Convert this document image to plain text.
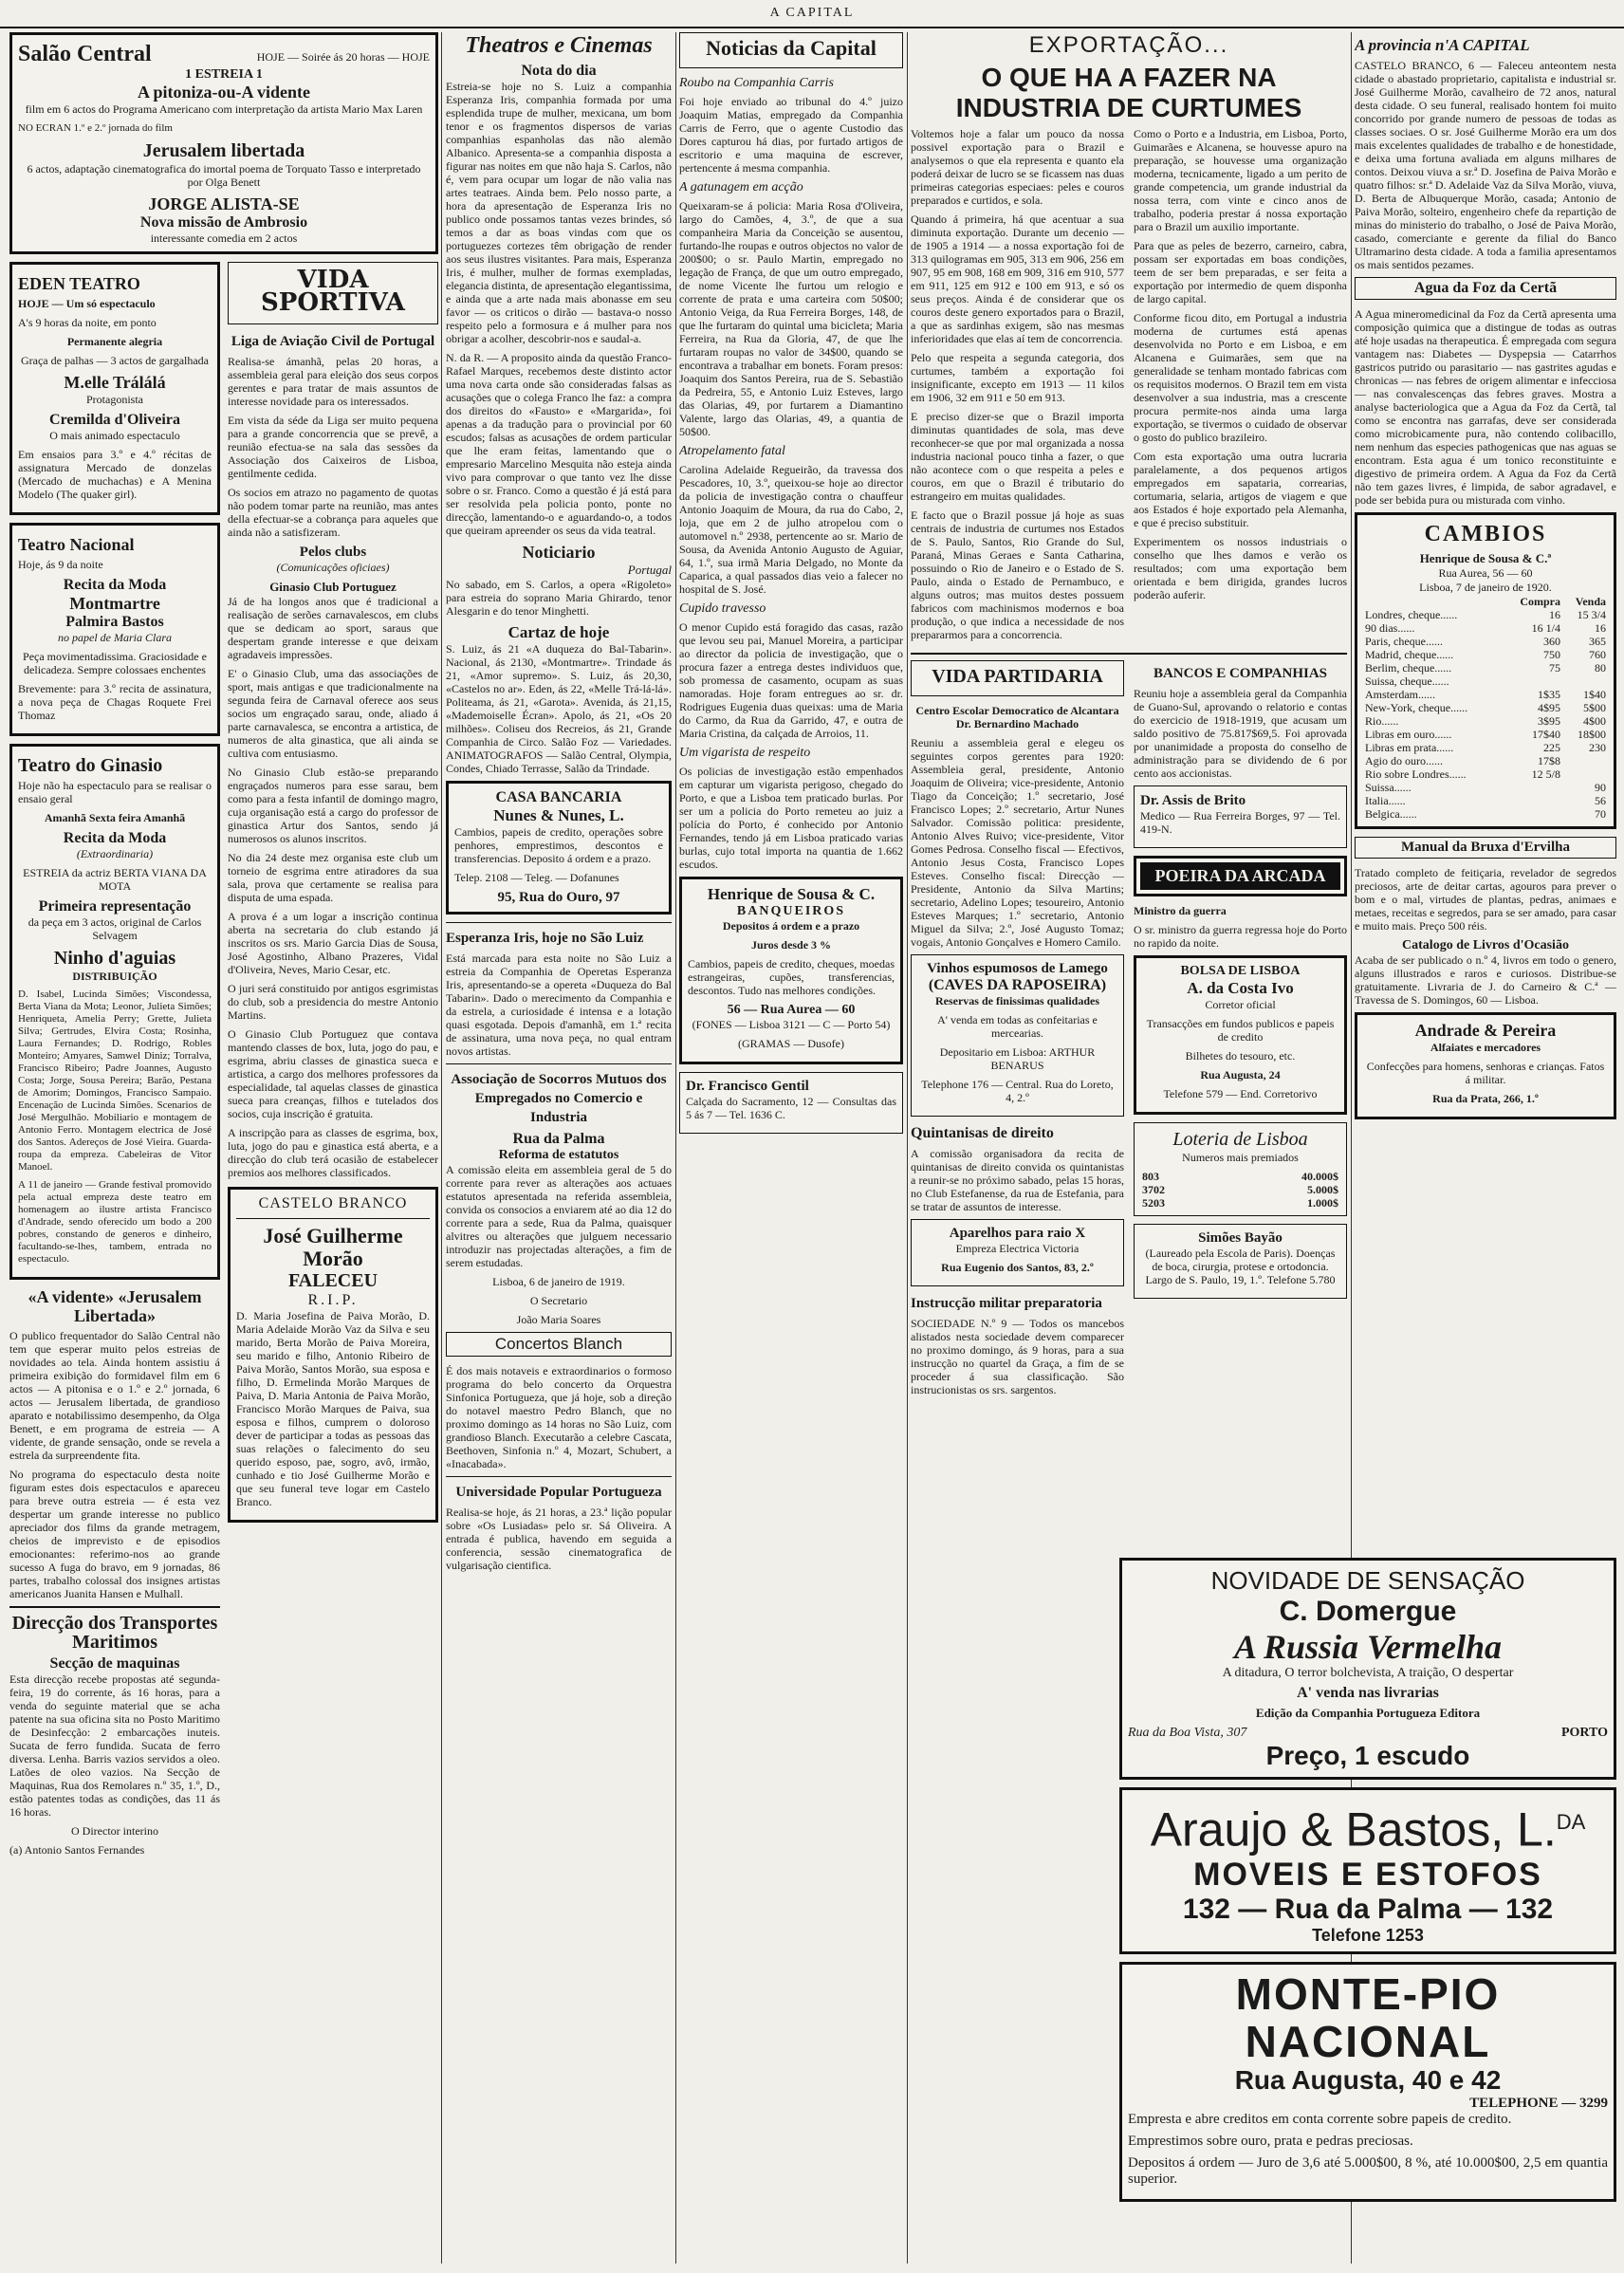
A CAPITAL
Salão Central	HOJE — Soirée ás 20 horas — HOJE
1 ESTREIA 1
A pitoniza-ou-A vidente

film em 6 actos do Programa Americano com interpretação da artista Mario Max Laren

NO ECRAN 1.º e 2.º jornada do film

Jerusalem libertada

6 actos, adaptação cinematografica do imortal poema de Torquato Tasso e interpretado por Olga Benett

JORGE ALISTA-SE
Nova missão de Ambrosio
interessante comedia em 2 actos
EDEN TEATRO

HOJE — Um só espectaculo

A's 9 horas da noite, em ponto

Permanente alegria

Graça de palhas — 3 actos de gargalhada

M.elle Trálálá

Protagonista

Cremilda d'Oliveira

O mais animado espectaculo

Em ensaios para 3.º e 4.º récitas de assignatura Mercado de donzelas (Mercado de muchachas) e A Menina Modelo (The quaker girl).

Teatro Nacional

Hoje, ás 9 da noite

Recita da Moda
Montmartre
Palmira Bastos

no papel de Maria Clara

Peça movimentadissima. Graciosidade e delicadeza. Sempre colossaes enchentes

Brevemente: para 3.º recita de assinatura, a nova peça de Chagas Roquete Frei Thomaz

Teatro do Ginasio

Hoje não ha espectaculo para se realisar o ensaio geral

Amanhã Sexta feira Amanhã

Recita da Moda

(Extraordinaria)

ESTREIA da actriz BERTA VIANA DA MOTA

Primeira representação

da peça em 3 actos, original de Carlos Selvagem

Ninho d'aguias

DISTRIBUIÇÃO

D. Isabel, Lucinda Simões; Viscondessa, Berta Viana da Mota; Leonor, Julieta Simões; Henriqueta, Amelia Perry; Grette, Julieta Silva; Gertrudes, Elvira Costa; Rosinha, Laura Fernandes; D. Rodrigo, Robles Monteiro; Amyares, Samwel Diniz; Torralva, Francisco Ribeiro; Padre Joannes, Augusto Costa; Jorge, Sousa Pereira; Barão, Pestana de Amorim; Domingos, Francisco Sampaio. Encenação de Lucinda Simões. Scenarios de José Mergulhão. Mobiliario e montagem de Antonio Ferro. Montagem electrica de José dos Santos. Adereços de José Vieira. Guarda-roupa da empreza. Cabeleiras de Vitor Manoel.

A 11 de janeiro — Grande festival promovido pela actual empreza deste teatro em homenagem ao ilustre artista Francisco d'Andrade, sendo oferecido um bodo a 200 pobres, constando de generos e dinheiro, facultando-se-lhes, tambem, entrada no espectaculo.

«A vidente» «Jerusalem Libertada»

O publico frequentador do Salão Central não tem que esperar muito pelos estreias de novidades ao tela. Ainda hontem assistiu á primeira exibição do formidavel film em 6 actos — A pitonisa e o 1.º e 2.º jornada, 6 actos — Jerusalem libertada, de grandioso aparato e notabilissimo desempenho, da Olga Benett, e em programa de estreia — A vidente, de grande sensação, onde se revela a estrela da surpreendente fita.

No programa do espectaculo desta noite figuram estes dois espectaculos e apareceu para breve outra estreia — é esta vez despertar um grande interesse no publico apreciador dos films da grande metragem, cheios de imprevisto e de episodios emocionantes: referimo-nos ao grande sucesso A fuga do bravo, em 9 jornadas, 86 partes, trabalho colossal dos insignes artistas americanos Juanita Hansen e Mulhall.

Direcção dos Transportes Maritimos
Secção de maquinas

Esta direcção recebe propostas até segunda-feira, 19 do corrente, ás 16 horas, para a venda do seguinte material que se acha patente na sua oficina sita no Posto Maritimo de Desinfecção: 2 embarcações inuteis. Sucata de ferro fundida. Sucata de ferro diversa. Lenha. Barris vazios servidos a oleo. Latões de oleo vazios. Na Secção de Maquinas, Rua dos Remolares n.º 35, 1.º, D., estão patentes todas as condições, das 11 ás 16 horas.

O Director interino

(a) Antonio Santos Fernandes

VIDA SPORTIVA
Liga de Aviação Civil de Portugal

Realisa-se ámanhã, pelas 20 horas, a assembleia geral para eleição dos seus corpos gerentes e para tratar de mais assuntos de interesse novidade para os interessados.

Em vista da séde da Liga ser muito pequena para a grande concorrencia que se prevê, a reunião efectua-se na sala das sessões da Associação dos Caixeiros de Lisboa, gentilmente cedida.

Os socios em atrazo no pagamento de quotas não podem tomar parte na reunião, mas antes della efectuar-se a cobrança para aqueles que ainda não a satisfizeram.

Pelos clubs

(Comunicações oficiaes)

Ginasio Club Portuguez

Já de ha longos anos que é tradicional a realisação de serões carnavalescos, em clubs que se dedicam ao sport, saraus que despertam grande interesse e que deixam agradaveis impressões.

E' o Ginasio Club, uma das associações de sport, mais antigas e que tradicionalmente na segunda feira de Carnaval oferece aos seus socios um engraçado sarau, onde, aliado á parte carnavalesca, se encontra a artistica, de numeros de alta ginastica, que ali ainda se cultiva com entusiasmo.

No Ginasio Club estão-se preparando engraçados numeros para esse sarau, bem como para a festa infantil de domingo magro, cuja organisação está a cargo do professor de ginastica Artur dos Santos, sendo já numerosos os alunos inscritos.

No dia 24 deste mez organisa este club um torneio de esgrima entre atiradores da sua sala, prova que certamente se realisa para disputa de uma espada.

A prova é a um logar a inscrição continua aberta na secretaria do club estando já inscritos os srs. Mario Garcia Dias de Sousa, José Agostinho, Albano Prazeres, Vidal d'Oliveira, Neves, Mario Cesar, etc.

O juri será constituido por antigos esgrimistas do club, sob a presidencia do mestre Antonio Martins.

O Ginasio Club Portuguez que contava mantendo classes de box, luta, jogo do pau, e esgrima, abriu classes de ginastica sueca e artistica, a cargo dos melhores professores da especialidade, tal aquelas classes de ginastica sueca para creanças, filhos e tutelados dos socios, cuja inscrição é gratuita.

A inscripção para as classes de esgrima, box, luta, jogo do pau e ginastica está aberta, e a direcção do club terá ocasião de estabelecer premios aos melhores classificados.

CASTELO BRANCO
José Guilherme Morão
FALECEU
R.I.P.

D. Maria Josefina de Paiva Morão, D. Maria Adelaide Morão Vaz da Silva e seu marido, Berta Morão de Paiva Moreira, seu marido e filho, Antonio Ribeiro de Paiva Morão, Santos Morão, sua esposa e filho, D. Ermelinda Morão Marques de Paiva, D. Maria Antonia de Paiva Morão, Francisco Morão Marques de Paiva, sua esposa e filhos, cumprem o doloroso dever de participar a todas as pessoas das suas relações o falecimento do seu querido esposo, pae, sogro, avô, irmão, cunhado e tio José Guilherme Morão e que seu funeral teve logar em Castelo Branco.

Theatros e Cinemas
Nota do dia

Estreia-se hoje no S. Luiz a companhia Esperanza Iris, companhia formada por uma esplendida trupe de mulher, mexicana, um bom tenor e os fragmentos dispersos de varias companhias espanholas das não alemão Albanico. Apresenta-se a companhia disposta a figurar nas noites em que não haja S. Carlos, não é, vem para ocupar um logar de não valia nas artes teatraes. Ainda bem. Pelo nosso parte, a hora da apresentação de Esperanza Iris no publico onde possamos tantas vezes brindes, só temos a dar as boas vindas com que os portuguezes cortezes têm obrigação de render aos seus ilustres visitantes. Para mais, Esperanza Iris, é mulher, mulher de formas exempladas, elegancia distinta, de apresentação elegantissima, e ainda que a arte nada mais abonasse em seu favor — os criticos o dirão — bastava-o nosso respeito pelo a formosura e á mulher para nos obrigar a acolher, descobrir-nos e saudal-a.

N. da R. — A proposito ainda da questão Franco-Rafael Marques, recebemos deste distinto actor uma nova carta onde são consideradas falsas as acusações que o colega Franco lhe faz: a compra dos direitos do «Fausto» e «Margarida», foi apenas a da tradução para o provincial por 60 escudos; falsas as acusações de ordem particular que lhe eram feitas, lamentando que o empresario Marcelino Mesquita não esteja ainda vivo para comprovar o que tanto vez lhe disse sobre o sr. Franco. Como a questão é já está para ser resolvida pela policia ponto, ponte no direcção, lamentando-o e aguardando-o, a todos que queiram apreender os seus da vida teatral.

Noticiario
Portugal

No sabado, em S. Carlos, a opera «Rigoleto» para estreia do soprano Maria Ghirardo, tenor Alesgarin e do tenor Minghetti.

Cartaz de hoje

S. Luiz, ás 21 «A duqueza do Bal-Tabarin». Nacional, ás 2130, «Montmartre». Trindade ás 21, «Amor supremo». S. Luiz, ás 20,30, «Castelos no ar». Eden, ás 22, «Melle Trá-lá-lá». Politeama, ás 21, «Garota». Avenida, ás 21,15, «Mademoiselle Écran». Apolo, ás 21, «Os 20 milhões». Coliseu dos Recreios, ás 21, Grande Companhia de Circo. Salão Foz — Variedades. ANIMATOGRAFOS — Salão Central, Olympia, Condes, Chiado Terrasse, Salão da Trindade.

CASA BANCARIA
Nunes & Nunes, L.

Cambios, papeis de credito, operações sobre penhores, emprestimos, descontos e transferencias. Deposito á ordem e a prazo.

Telep. 2108 — Teleg. — Dofanunes

95, Rua do Ouro, 97
Esperanza Iris, hoje no São Luiz

Está marcada para esta noite no São Luiz a estreia da Companhia de Operetas Esperanza Iris, apresentando-se a opereta «Duqueza do Bal Tabarin». Dado o merecimento da Companhia e da estrela, a curiosidade é intensa e a lotação quasi esgotada. Depois d'amanhã, em 1.ª recita de assinatura, uma nova peça, no qual entram novos artistas.

Associação de Socorros Mutuos dos Empregados no Comercio e Industria
Rua da Palma
Reforma de estatutos

A comissão eleita em assembleia geral de 5 do corrente para rever as alterações aos actuaes estatutos apresentada na referida assembleia, convida os consocios a enviarem até ao dia 12 do corrente para a sede, Rua da Palma, quaisquer alvitres ou alterações que julguem necessario introduzir nas projectadas alterações, a fim de serem estudadas.

Lisboa, 6 de janeiro de 1919.

O Secretario

João Maria Soares

Concertos Blanch

É dos mais notaveis e extraordinarios o formoso programa do belo concerto da Orquestra Sinfonica Portugueza, que já hoje, sob a direção do notavel maestro Pedro Blanch, que no proximo domingo as 14 horas no São Luiz, com grandioso Blanch. Executarão a celebre Cascata, Beethoven, Sinfonia n.º 4, Mozart, Schubert, a «Inacabada».

Universidade Popular Portugueza

Realisa-se hoje, ás 21 horas, a 23.ª lição popular sobre «Os Lusiadas» pelo sr. Sá Oliveira. A entrada é publica, havendo em seguida a conferencia, sessão cinematografica de vulgarisação cientifica.

Noticias da Capital
Roubo na Companhia Carris

Foi hoje enviado ao tribunal do 4.º juizo Joaquim Matias, empregado da Companhia Carris de Ferro, que o agente Custodio das Dores capturou há dias, por furtado artigos de escritorio e uma maquina de escrever, pertencente á mesma companhia.

A gatunagem em acção

Queixaram-se á policia: Maria Rosa d'Oliveira, largo do Camões, 4, 3.º, de que a sua companheira Maria da Conceição se ausentou, furtando-lhe roupas e outros objectos no valor de 200$00; o sr. Paulo Martin, empregado no legação de França, de que um outro empregado, de nome Vicente lhe furtou um relogio e corrente de prata e uma carteira com 50$00; Antonio Veiga, da Rua Ferreira Borges, 148, de que lhe furtaram do quintal uma bicicleta; Maria Ferreira, na Rua da Gloria, 47, de que lhe furtaram roupas no valor de 34$00, quando se encontrava a trabalhar em bonets. Foram presos: Joaquim dos Santos Pereira, rua de S. Sebastião da Pedreira, 55, e Antonio Luiz Esteves, largo das Olarias, 49, por furtarem a Diamantino Valente, largo das Olarias, 49, a quantia de 50$00.

Atropelamento fatal

Carolina Adelaide Regueirão, da travessa dos Pescadores, 10, 3.º, queixou-se hoje ao director da policia de investigação contra o chauffeur Antonio Joaquim de Moura, da rua do Cabo, 2, loja, que em 2 de julho atropelou com o automovel n.º 2938, pertencente ao sr. Mario de Sousa, da Avenida Antonio Augusto de Aguiar, 64, 1.º, sua irmã Maria Delgado, no Monte da Caparica, a qual passados dias veio a falecer no hospital de S. José.

Cupido travesso

O menor Cupido está foragido das casas, razão que levou seu pai, Manuel Moreira, a participar ao director da policia de investigação, que o procura fazer a entrega destes individuos que, sob promessa de casamento, ocupam as suas namoradas. Hoje foram entregues ao sr. dr. Rodrigues Eugenia duas queixas: uma de Maria do Carmo, da Rua da Garrido, 47, e outra de Maria Cristina, da calçada de Arroios, 11.

Um vigarista de respeito

Os policias de investigação estão empenhados em capturar um vigarista perigoso, chegado do Porto, e que a Lisboa tem praticado burlas. Por ser um a policia do Porto remeteu ao juiz a polícia do Porto, é conhecido por Antonio Fernandes, tendo já em Lisboa praticado varias burlas, cujo total importa na quantia de 1.662 escudos.

Henrique de Sousa & C.
BANQUEIROS

Depositos á ordem e a prazo

Juros desde 3 %

Cambios, papeis de credito, cheques, moedas estrangeiras, cupões, transferencias, descontos. Tudo nas melhores condições.

56 — Rua Aurea — 60

(FONES — Lisboa 3121 — C — Porto 54)

(GRAMAS — Dusofe)

Dr. Francisco Gentil

Calçada do Sacramento, 12 — Consultas das 5 ás 7 — Tel. 1636 C.

EXPORTAÇÃO...
O QUE HA A FAZER NA INDUSTRIA DE CURTUMES

Voltemos hoje a falar um pouco da nossa possivel exportação para o Brazil e analysemos o que ela representa e quanto ela poderá deixar de lucro se se ficassem nas duas primeiras categorias especiaes: peles e couros preparados e curtidos, e sola.

Quando á primeira, há que acentuar a sua diminuta exportação. Durante um decenio — de 1905 a 1914 — a nossa exportação foi de 313 quilogramas em 905, 313 em 906, 256 em 907, 95 em 908, 168 em 909, 316 em 910, 577 em 911, 125 em 912 e 100 em 913, e só os seus preços. Ainda é de considerar que os couros deste genero exportados para o Brazil, a que as sardinhas exigem, são nas mesmas inferioridades que elas aí tem de concorrencia.

Pelo que respeita a segunda categoria, dos curtumes, também a exportação foi insignificante, excepto em 1913 — 11 kilos em 1906, 32 em 911 e 50 em 913.

E preciso dizer-se que o Brazil importa diminutas quantidades de sola, mas deve reconhecer-se que por mal organizada a nossa industria nacional pouco tinha a fazer, o que não acontece com o que respeita a peles e couros, em que o Brazil é tributario do estrangeiro em muitas qualidades.

E facto que o Brazil possue já hoje as suas centrais de industria de curtumes nos Estados de S. Paulo, Santos, Rio Grande do Sul, Paraná, Minas Geraes e Santa Catharina, possuindo o Rio de Janeiro e o Estado de S. Paulo, ainda o Estado de Pernambuco, e alguns outros; mas muitos destes possuem fabricos com machinismos modernos e boa produção, o que indica a necessidade de nos prepararmos para a concorrencia.

Como o Porto e a Industria, em Lisboa, Porto, Guimarães e Alcanena, se houvesse apuro na preparação, se houvesse uma organização moderna, tecnicamente, ligado a um perito de grande competencia, um grande industrial da nossa terra, com vinte e cinco anos de trabalho, poderia prestar á nossa exportação para o Brazil um auxilio importante.

Para que as peles de bezerro, carneiro, cabra, possam ser exportadas em boas condições, teem de ser bem preparadas, e ser feita a exportação por intermedio de quem disponha de largo capital.

Conforme ficou dito, em Portugal a industria moderna de curtumes está apenas desenvolvida no Porto e em Lisboa, e em Alcanena e Guimarães, sem que na generalidade se tenham montado fabricas com os requisitos modernos. O Brazil tem em vista desenvolver a sua industria, mas a crescente procura permite-nos ainda uma larga exportação, se tivermos o cuidado de observar o gosto do publico brazileiro.

Com esta exportação uma outra lucraria paralelamente, a dos pequenos artigos empregados em sapataria, correarias, cortumaria, selaria, artigos de viagem e que aos Estados é hoje exportado pela Alemanha, e que é preciso substituir.

Experimentem os nossos industriais o conselho que lhes damos e verão os resultados; com uma exportação bem orientada e bem dirigida, grandes lucros poderão auferir.

VIDA PARTIDARIA

Centro Escolar Democratico de Alcantara Dr. Bernardino Machado

Reuniu a assembleia geral e elegeu os seguintes corpos gerentes para 1920: Assembleia geral, presidente, Antonio Joaquim de Oliveira; vice-presidente, Antonio Tiago da Conceição; 1.º secretario, José Francisco Lopes; 2.º secretario, Artur Nunes Salvador. Comissão politica: presidente, Antonio Alves Ruivo; vice-presidente, Vitor Gomes Pedrosa. Conselho fiscal — Efectivos, Antonio Jesus Costa, Francisco Lopes Esteves. Conselho fiscal: Direcção — Presidente, Antonio da Silva Martins; secretario, Adelino Lopes; tesoureiro, Antonio Esteves Marques; 1.º secretario, Antonio Miguel da Silva; 2.º, José Augusto Tomaz; vogais, Antonio Gonçalves e Homero Camilo.

Vinhos espumosos de Lamego
(CAVES DA RAPOSEIRA)

Reservas de finissimas qualidades

A' venda em todas as confeitarias e mercearias.

Depositario em Lisboa: ARTHUR BENARUS

Telephone 176 — Central. Rua do Loreto, 4, 2.º

Quintanisas de direito

A comissão organisadora da recita de quintanisas de direito convida os quintanistas a reunir-se no próximo sabado, pelas 15 horas, no Club Estefanense, da rua de Estefania, para se tratar de assuntos de interesse.

Aparelhos para raio X

Empreza Electrica Victoria

Rua Eugenio dos Santos, 83, 2.º

Instrucção militar preparatoria

SOCIEDADE N.º 9 — Todos os mancebos alistados nesta sociedade devem comparecer no proximo domingo, ás 9 horas, para a sua instrucção no quartel da Graça, a fim de se proceder á sua classificação. São instrucionistas os srs. sargentos.

BANCOS E COMPANHIAS

Reuniu hoje a assembleia geral da Companhia de Guano-Sul, aprovando o relatorio e contas do exercicio de 1918-1919, que acusam um saldo positivo de 75.817$69,5. Foi aprovada por unanimidade a proposta do conselho de administração para se dividendo de 6 por cento aos accionistas.

Dr. Assis de Brito

Medico — Rua Ferreira Borges, 97 — Tel. 419-N.

POEIRA DA ARCADA

Ministro da guerra

O sr. ministro da guerra regressa hoje do Porto no rapido da noite.

BOLSA DE LISBOA
A. da Costa Ivo

Corretor oficial

Transacções em fundos publicos e papeis de credito

Bilhetes do tesouro, etc.

Rua Augusta, 24

Telefone 579 — End. Corretorivo

Loteria de Lisboa

Numeros mais premiados

803	40.000$
3702	5.000$
5203	1.000$
Simões Bayão

(Laureado pela Escola de Paris). Doenças de boca, cirurgia, protese e ortodoncia. Largo de S. Paulo, 19, 1.º. Telefone 5.780

A provincia n'A CAPITAL

CASTELO BRANCO, 6 — Faleceu anteontem nesta cidade o abastado proprietario, capitalista e industrial sr. José Guilherme Morão, cavalheiro de 72 anos, natural desta cidade. O seu funeral, realisado hontem foi muito concorrido por grande numero de pessoas de todas as classes sociaes. O sr. José Guilherme Morão era um dos mais excelentes qualidades de trabalho e de honestidade, e deixa uma fortuna avaliada em alguns milhares de contos. Deixou viuva a sr.ª D. Josefina de Paiva Morão e quatro filhos: sr.ª D. Adelaide Vaz da Silva Morão, viuva, D. Berta de Albuquerque Morão, casada; Antonio de Paiva Morão, solteiro, engenheiro chefe da repartição de minas do ministerio do trabalho, o José de Paiva Morão, casado, comerciante e gerente da filial do Banco Ultramarino desta cidade. A toda a familia apresentamos os mais sentidos pezames.

Agua da Foz da Certã

A Agua mineromedicinal da Foz da Certã apresenta uma composição quimica que a distingue de todas as outras até hoje usadas na therapeutica. É empregada com segura vantagem nas: Diabetes — Dyspepsia — Catarrhos gastricos putrido ou parasitario — nas gastrites agudas e chronicas — nas febres de origem alimentar e infecciosa — nas convalescenças das febres graves. Mostra a analyse bacteriologica que a Agua da Foz da Certã, tal como se encontra nas garrafas, deve ser considerada como microbicamente pura, não contendo colibacillo, nem nenhum das especies pathogenicas que nas aguas se encontram. Esta agua é um tonico reconstituinte e digestivo de primeira ordem. A Agua da Foz da Certã não tem gazes livres, é limpida, de sabor agradavel, e pode ser bebida pura ou misturada com vinho.

CAMBIOS
Henrique de Sousa & C.ª
Rua Aurea, 56 — 60
Lisboa, 7 de janeiro de 1920.
	Compra	Venda
Londres, cheque......	16	15 3/4
90 dias......	16 1/4	16
Paris, cheque......	360	365
Madrid, cheque......	750	760
Berlim, cheque......	75	80
Suissa, cheque......		
Amsterdam......	1$35	1$40
New-York, cheque......	4$95	5$00
Rio......	3$95	4$00
Libras em ouro......	17$40	18$00
Libras em prata......	225	230
Agio do ouro......	17$8	
Rio sobre Londres......	12 5/8	
Suissa......		90
Italia......		56
Belgica......		70
Manual da Bruxa d'Ervilha

Tratado completo de feitiçaria, revelador de segredos preciosos, arte de deitar cartas, agouros para prever o bom e o mal, virtudes de plantas, pedras, animaes e metaes, receitas e segredos, para se ser amado, para casar e muito mais. Preço 500 réis.

Catalogo de Livros d'Ocasião

Acaba de ser publicado o n.º 4, livros em todo o genero, alguns illustrados e raros e curiosos. Distribue-se gratuitamente. Livraria de J. do Carneiro & C.ª — Travessa de S. Domingos, 60 — Lisboa.

Andrade & Pereira

Alfaiates e mercadores

Confecções para homens, senhoras e crianças. Fatos á militar.

Rua da Prata, 266, 1.º

NOVIDADE DE SENSAÇÃO
C. Domergue
A Russia Vermelha

A ditadura, O terror bolchevista, A traição, O despertar

A' venda nas livrarias

Edição da Companhia Portugueza Editora

Rua da Boa Vista, 307	PORTO
Preço, 1 escudo
Araujo & Bastos, L.$^{DA}$
MOVEIS E ESTOFOS
132 — Rua da Palma — 132
Telefone 1253
MONTE-PIO NACIONAL
Rua Augusta, 40 e 42
TELEPHONE — 3299

Empresta e abre creditos em conta corrente sobre papeis de credito.

Emprestimos sobre ouro, prata e pedras preciosas.

Depositos á ordem — Juro de 3,6 até 5.000$00, 8 %, até 10.000$00, 2,5 em quantia superior.
